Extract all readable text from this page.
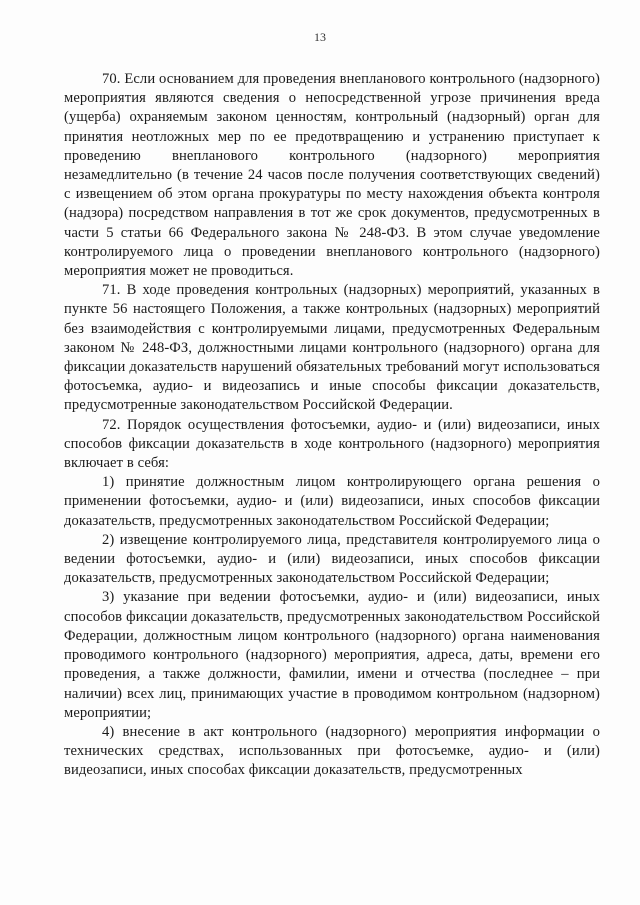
13

70. Если основанием для проведения внепланового контрольного (надзорного) мероприятия являются сведения о непосредственной угрозе причинения вреда (ущерба) охраняемым законом ценностям, контрольный (надзорный) орган для принятия неотложных мер по ее предотвращению и устранению приступает к проведению внепланового контрольного (надзорного) мероприятия незамедлительно (в течение 24 часов после получения соответствующих сведений) с извещением об этом органа прокуратуры по месту нахождения объекта контроля (надзора) посредством направления в тот же срок документов, предусмотренных в части 5 статьи 66 Федерального закона № 248-ФЗ. В этом случае уведомление контролируемого лица о проведении внепланового контрольного (надзорного) мероприятия может не проводиться.

71. В ходе проведения контрольных (надзорных) мероприятий, указанных в пункте 56 настоящего Положения, а также контрольных (надзорных) мероприятий без взаимодействия с контролируемыми лицами, предусмотренных Федеральным законом № 248-ФЗ, должностными лицами контрольного (надзорного) органа для фиксации доказательств нарушений обязательных требований могут использоваться фотосъемка, аудио- и видеозапись и иные способы фиксации доказательств, предусмотренные законодательством Российской Федерации.

72. Порядок осуществления фотосъемки, аудио- и (или) видеозаписи, иных способов фиксации доказательств в ходе контрольного (надзорного) мероприятия включает в себя:

1) принятие должностным лицом контролирующего органа решения о применении фотосъемки, аудио- и (или) видеозаписи, иных способов фиксации доказательств, предусмотренных законодательством Российской Федерации;

2) извещение контролируемого лица, представителя контролируемого лица о ведении фотосъемки, аудио- и (или) видеозаписи, иных способов фиксации доказательств, предусмотренных законодательством Российской Федерации;

3) указание при ведении фотосъемки, аудио- и (или) видеозаписи, иных способов фиксации доказательств, предусмотренных законодательством Российской Федерации, должностным лицом контрольного (надзорного) органа наименования проводимого контрольного (надзорного) мероприятия, адреса, даты, времени его проведения, а также должности, фамилии, имени и отчества (последнее – при наличии) всех лиц, принимающих участие в проводимом контрольном (надзорном) мероприятии;

4) внесение в акт контрольного (надзорного) мероприятия информации о технических средствах, использованных при фотосъемке, аудио- и (или) видеозаписи, иных способах фиксации доказательств, предусмотренных
